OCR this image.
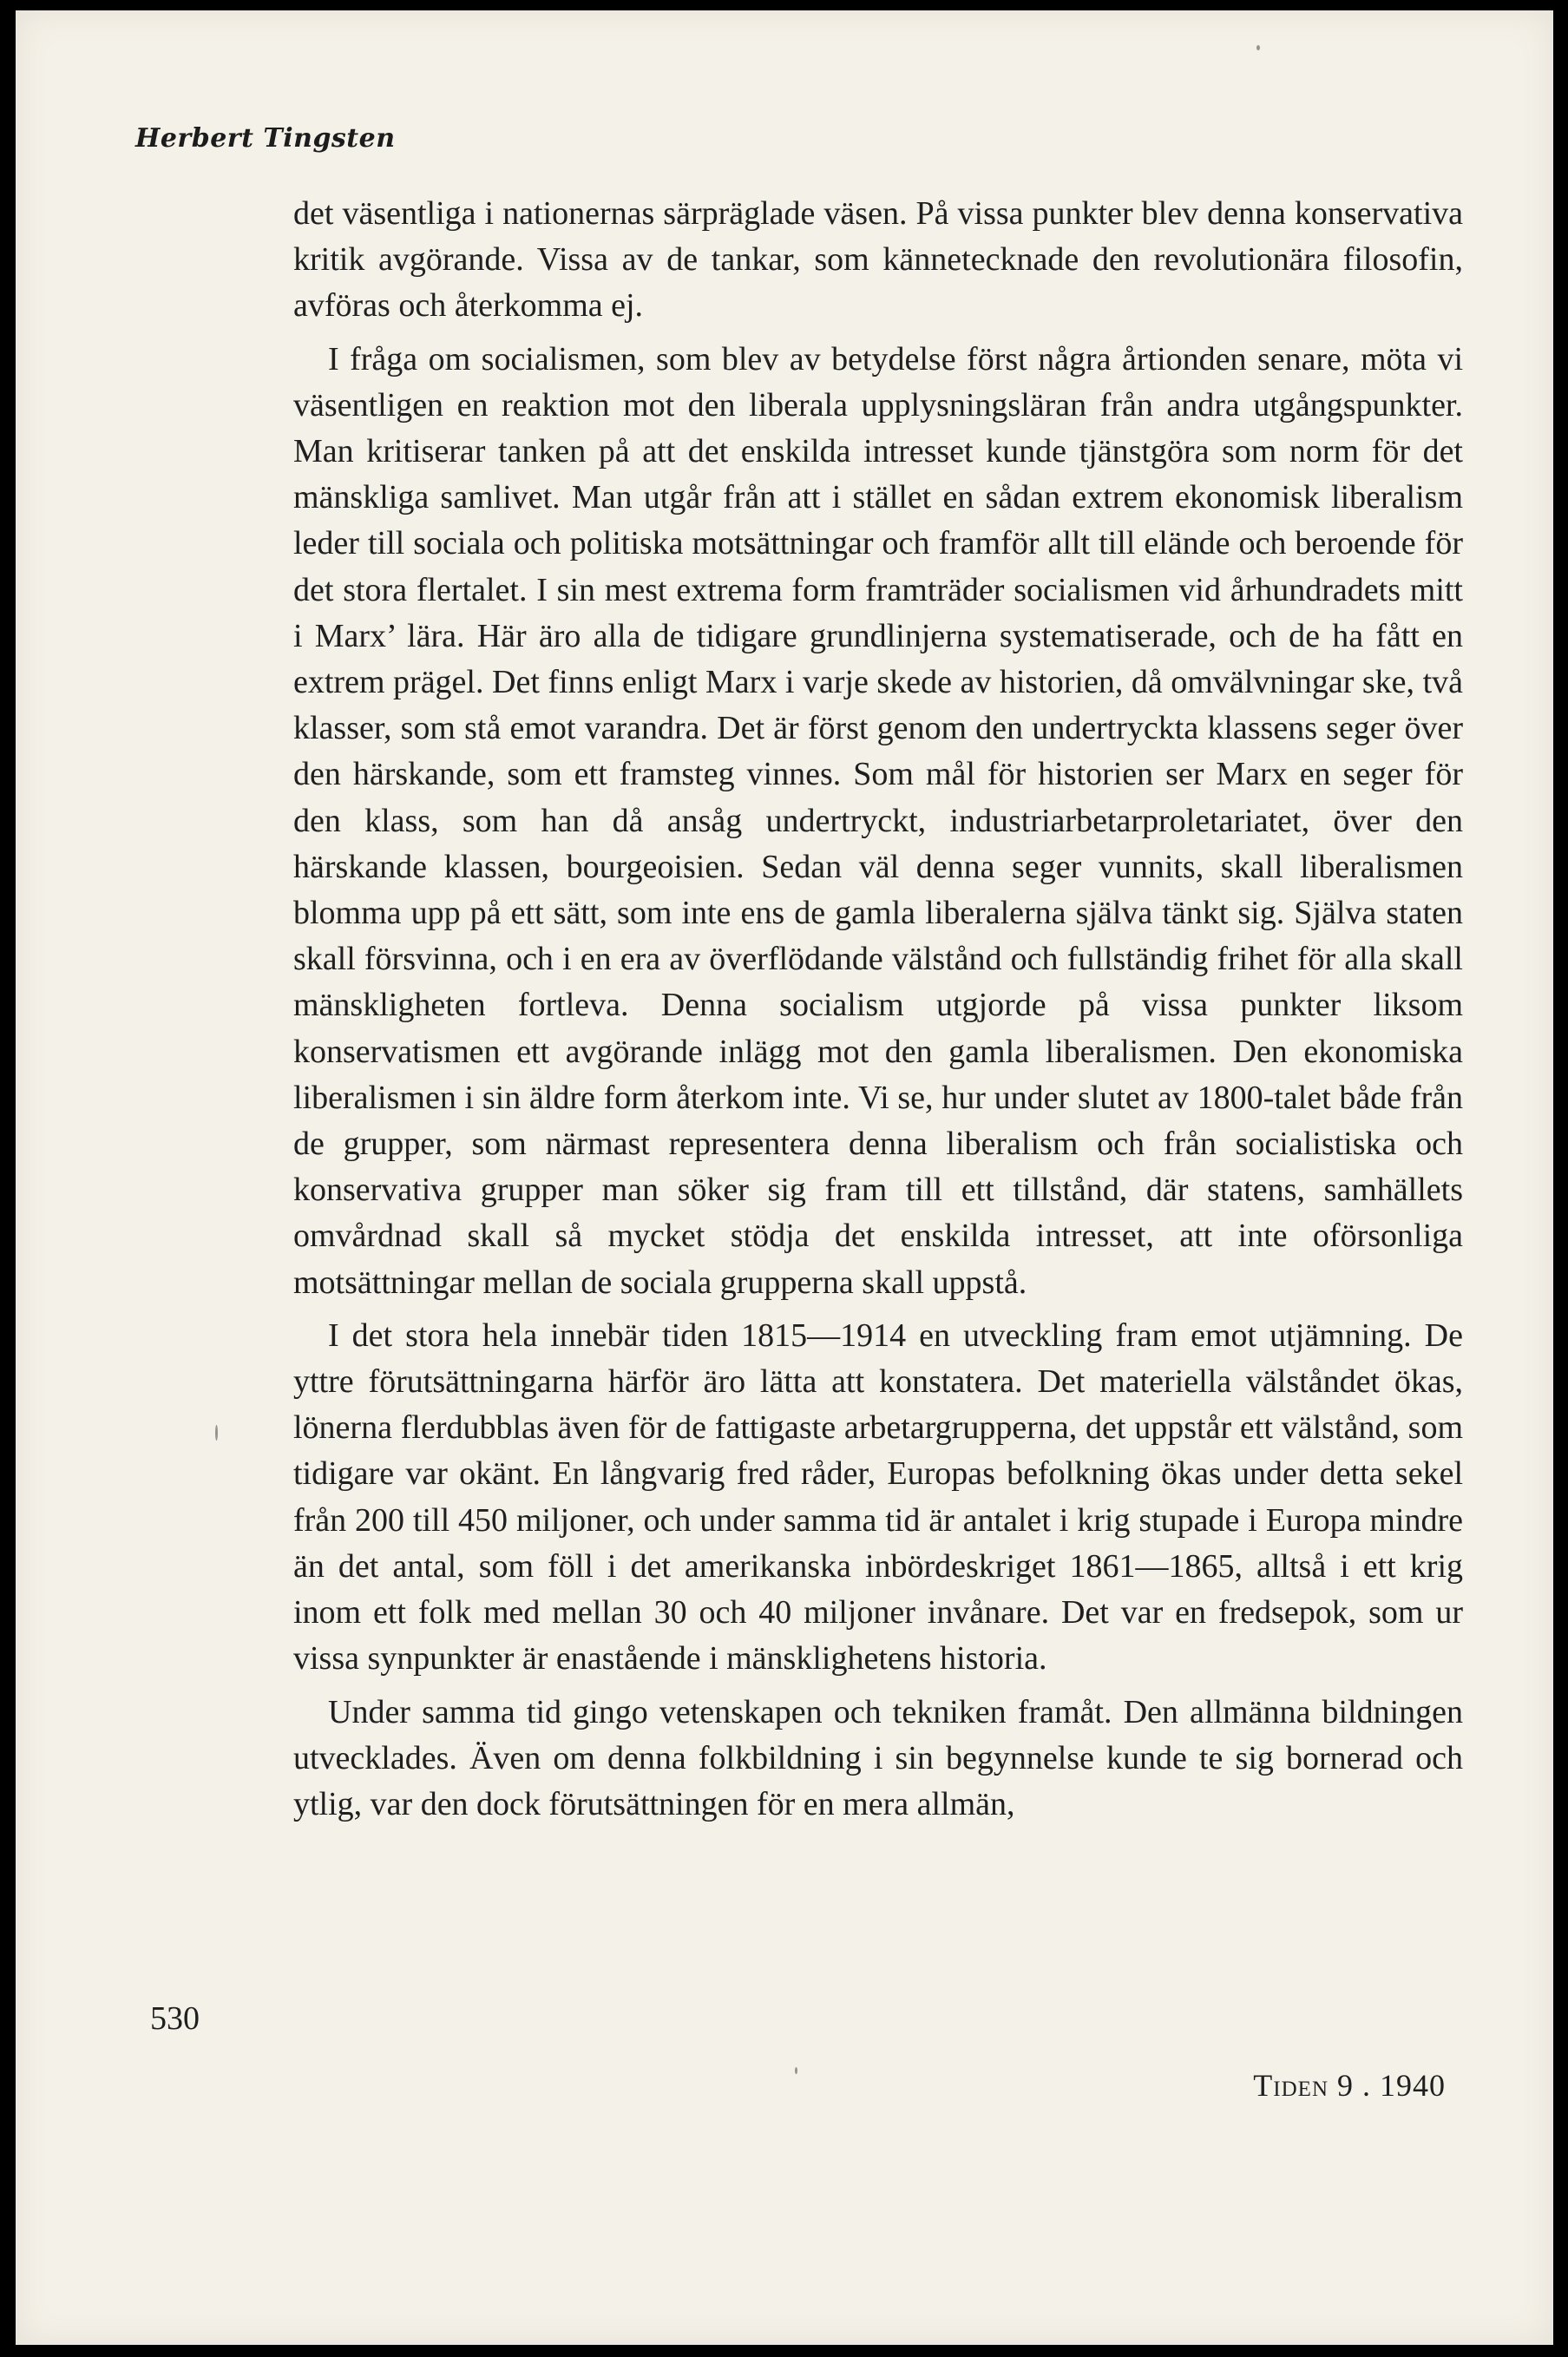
Herbert Tingsten

det väsentliga i nationernas särpräglade väsen. På vissa punkter blev denna konservativa kritik avgörande. Vissa av de tankar, som kännetecknade den revolutionära filosofin, avföras och återkomma ej.

I fråga om socialismen, som blev av betydelse först några årtionden senare, möta vi väsentligen en reaktion mot den liberala upplysningsläran från andra utgångspunkter. Man kritiserar tanken på att det enskilda intresset kunde tjänstgöra som norm för det mänskliga samlivet. Man utgår från att i stället en sådan extrem ekonomisk liberalism leder till sociala och politiska motsättningar och framför allt till elände och beroende för det stora flertalet. I sin mest extrema form framträder socialismen vid århundradets mitt i Marx’ lära. Här äro alla de tidigare grundlinjerna systematiserade, och de ha fått en extrem prägel. Det finns enligt Marx i varje skede av historien, då omvälvningar ske, två klasser, som stå emot varandra. Det är först genom den undertryckta klassens seger över den härskande, som ett framsteg vinnes. Som mål för historien ser Marx en seger för den klass, som han då ansåg undertryckt, industriarbetarproletariatet, över den härskande klassen, bourgeoisien. Sedan väl denna seger vunnits, skall liberalismen blomma upp på ett sätt, som inte ens de gamla liberalerna själva tänkt sig. Själva staten skall försvinna, och i en era av överflödande välstånd och fullständig frihet för alla skall mänskligheten fortleva. Denna socialism utgjorde på vissa punkter liksom konservatismen ett avgörande inlägg mot den gamla liberalismen. Den ekonomiska liberalismen i sin äldre form återkom inte. Vi se, hur under slutet av 1800-talet både från de grupper, som närmast representera denna liberalism och från socialistiska och konservativa grupper man söker sig fram till ett tillstånd, där statens, samhällets omvårdnad skall så mycket stödja det enskilda intresset, att inte oförsonliga motsättningar mellan de sociala grupperna skall uppstå.

I det stora hela innebär tiden 1815—1914 en utveckling fram emot utjämning. De yttre förutsättningarna härför äro lätta att konstatera. Det materiella välståndet ökas, lönerna flerdubblas även för de fattigaste arbetargrupperna, det uppstår ett välstånd, som tidigare var okänt. En långvarig fred råder, Europas befolkning ökas under detta sekel från 200 till 450 miljoner, och under samma tid är antalet i krig stupade i Europa mindre än det antal, som föll i det amerikanska inbördeskriget 1861—1865, alltså i ett krig inom ett folk med mellan 30 och 40 miljoner invånare. Det var en fredsepok, som ur vissa synpunkter är enastående i mänsklighetens historia.

Under samma tid gingo vetenskapen och tekniken framåt. Den allmänna bildningen utvecklades. Även om denna folkbildning i sin begynnelse kunde te sig bornerad och ytlig, var den dock förutsättningen för en mera allmän,

530

Tiden 9 . 1940
